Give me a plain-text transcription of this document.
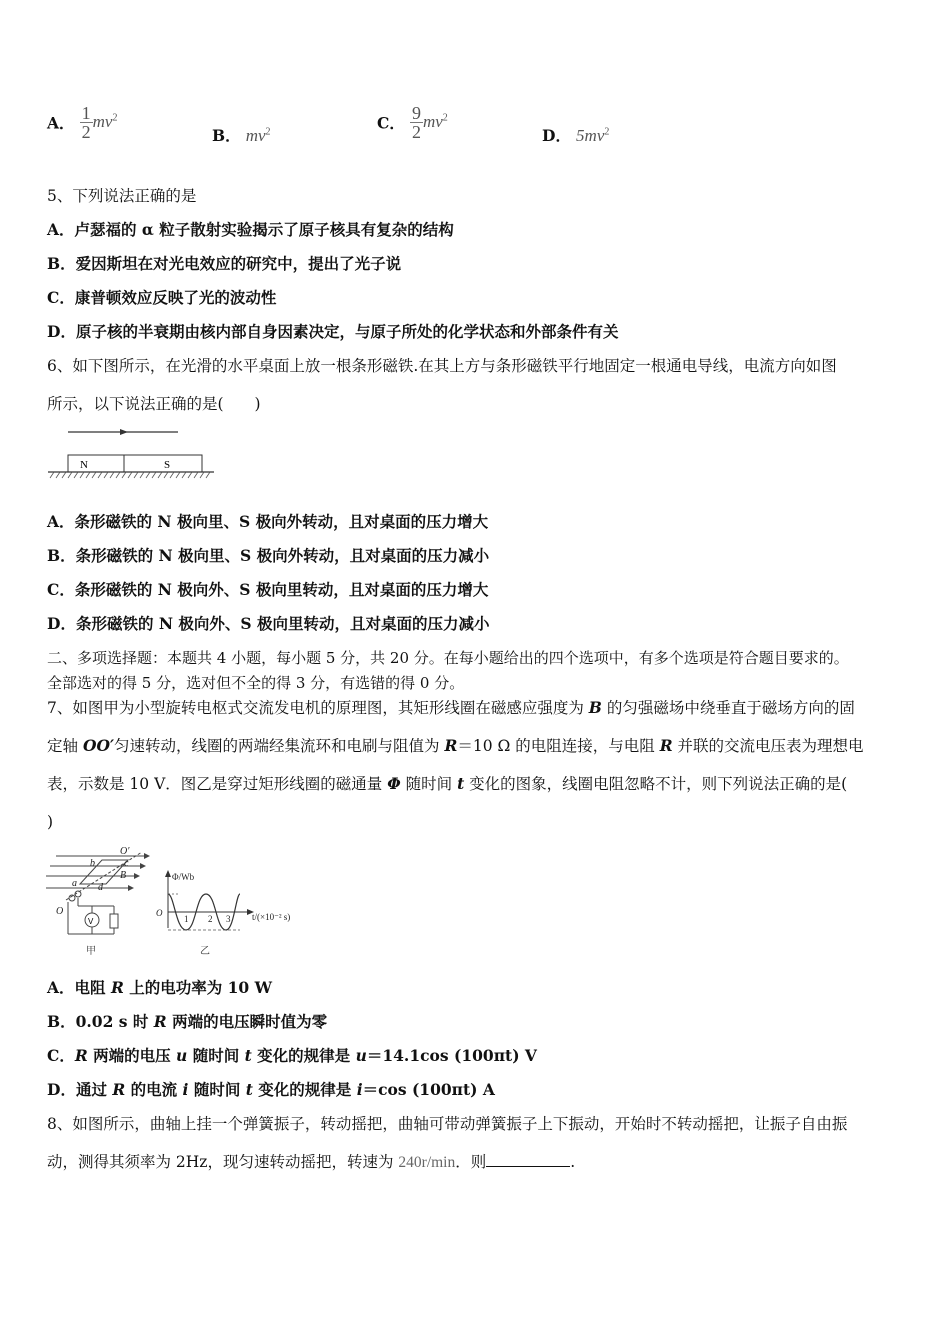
A． $\frac{1}{2} mv^2$
B． $mv^2$	C． $\frac{9}{2} mv^2$
D． $5mv^2$
5、下列说法正确的是
A．卢瑟福的 α 粒子散射实验揭示了原子核具有复杂的结构
B．爱因斯坦在对光电效应的研究中，提出了光子说
C．康普顿效应反映了光的波动性
D．原子核的半衰期由核内部自身因素决定，与原子所处的化学状态和外部条件有关
6、如下图所示，在光滑的水平桌面上放一根条形磁铁.在其上方与条形磁铁平行地固定一根通电导线，电流方向如图
所示，以下说法正确的是(　　)
N	S
A．条形磁铁的 N 极向里、S 极向外转动，且对桌面的压力增大
B．条形磁铁的 N 极向里、S 极向外转动，且对桌面的压力减小
C．条形磁铁的 N 极向外、S 极向里转动，且对桌面的压力增大
D．条形磁铁的 N 极向外、S 极向里转动，且对桌面的压力减小
二、多项选择题：本题共 4 小题，每小题 5 分，共 20 分。在每小题给出的四个选项中，有多个选项是符合题目要求的。
全部选对的得 5 分，选对但不全的得 3 分，有选错的得 0 分。
7、如图甲为小型旋转电枢式交流发电机的原理图，其矩形线圈在磁感应强度为 B 的匀强磁场中绕垂直于磁场方向的固
定轴 OO′匀速转动，线圈的两端经集流环和电刷与阻值为 R＝10 Ω 的电阻连接，与电阻 R 并联的交流电压表为理想电
表，示数是 10 V．图乙是穿过矩形线圈的磁通量 Φ 随时间 t 变化的图象，线圈电阻忽略不计，则下列说法正确的是(
)
O′
b	c
B
a d
O
V
甲
Φ/Wb
O
1 2 3 t/(×10⁻² s)
乙
A．电阻 R 上的电功率为 10 W
B．0.02 s 时 R 两端的电压瞬时值为零
C．R 两端的电压 u 随时间 t 变化的规律是 u＝14.1cos (100πt) V
D．通过 R 的电流 i 随时间 t 变化的规律是 i＝cos (100πt) A
8、如图所示，曲轴上挂一个弹簧振子，转动摇把，曲轴可带动弹簧振子上下振动，开始时不转动摇把，让振子自由振
动，测得其须率为 2Hz，现匀速转动摇把，转速为 240r/min．则	.
